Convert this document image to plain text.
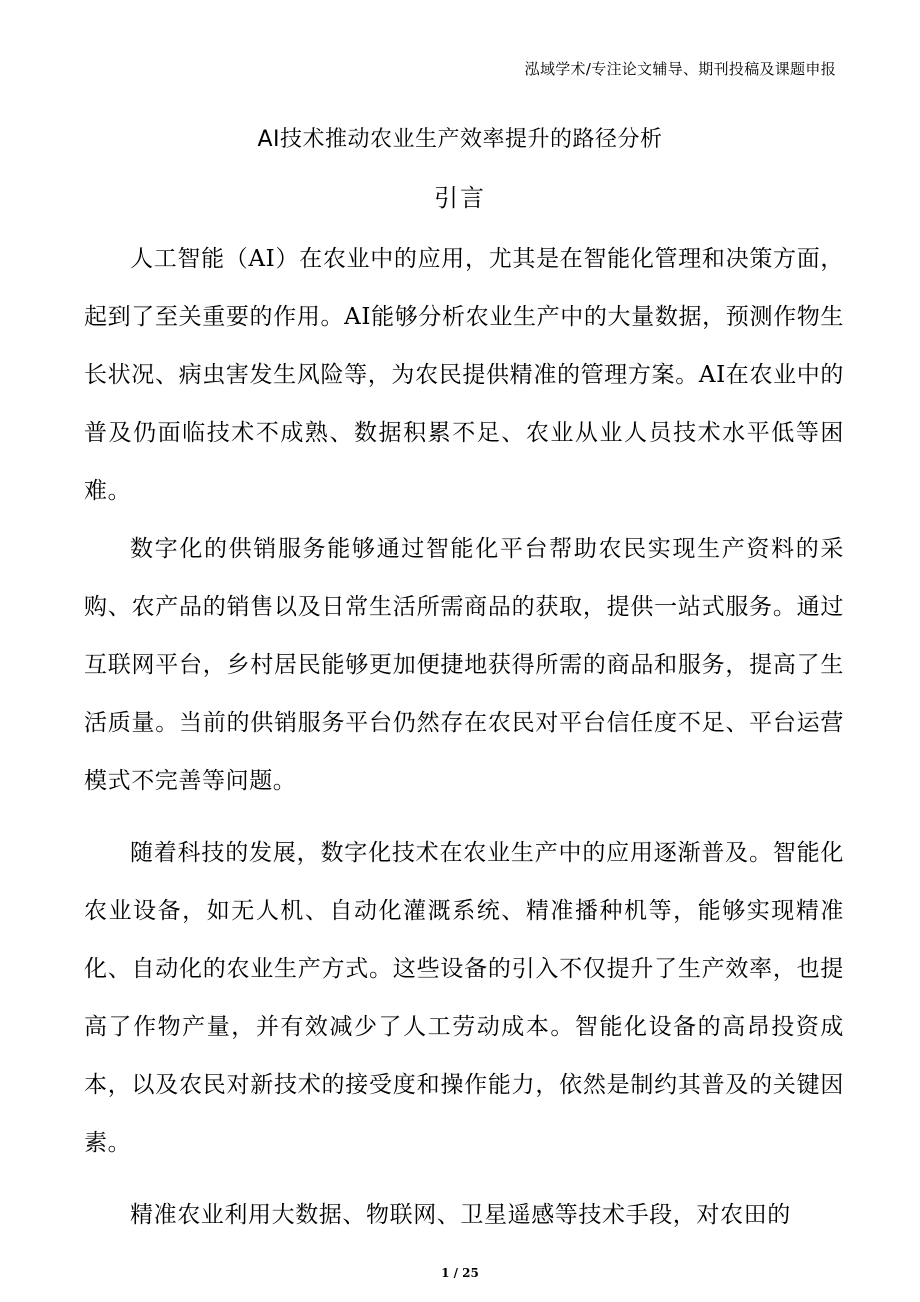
泓域学术/专注论文辅导、期刊投稿及课题申报
AI技术推动农业生产效率提升的路径分析
引言

人工智能（AI）在农业中的应用，尤其是在智能化管理和决策方面，起到了至关重要的作用。AI能够分析农业生产中的大量数据，预测作物生长状况、病虫害发生风险等，为农民提供精准的管理方案。AI在农业中的普及仍面临技术不成熟、数据积累不足、农业从业人员技术水平低等困难。

数字化的供销服务能够通过智能化平台帮助农民实现生产资料的采购、农产品的销售以及日常生活所需商品的获取，提供一站式服务。通过互联网平台，乡村居民能够更加便捷地获得所需的商品和服务，提高了生活质量。当前的供销服务平台仍然存在农民对平台信任度不足、平台运营模式不完善等问题。

随着科技的发展，数字化技术在农业生产中的应用逐渐普及。智能化农业设备，如无人机、自动化灌溉系统、精准播种机等，能够实现精准化、自动化的农业生产方式。这些设备的引入不仅提升了生产效率，也提高了作物产量，并有效减少了人工劳动成本。智能化设备的高昂投资成本，以及农民对新技术的接受度和操作能力，依然是制约其普及的关键因素。

精准农业利用大数据、物联网、卫星遥感等技术手段，对农田的

1 / 25
